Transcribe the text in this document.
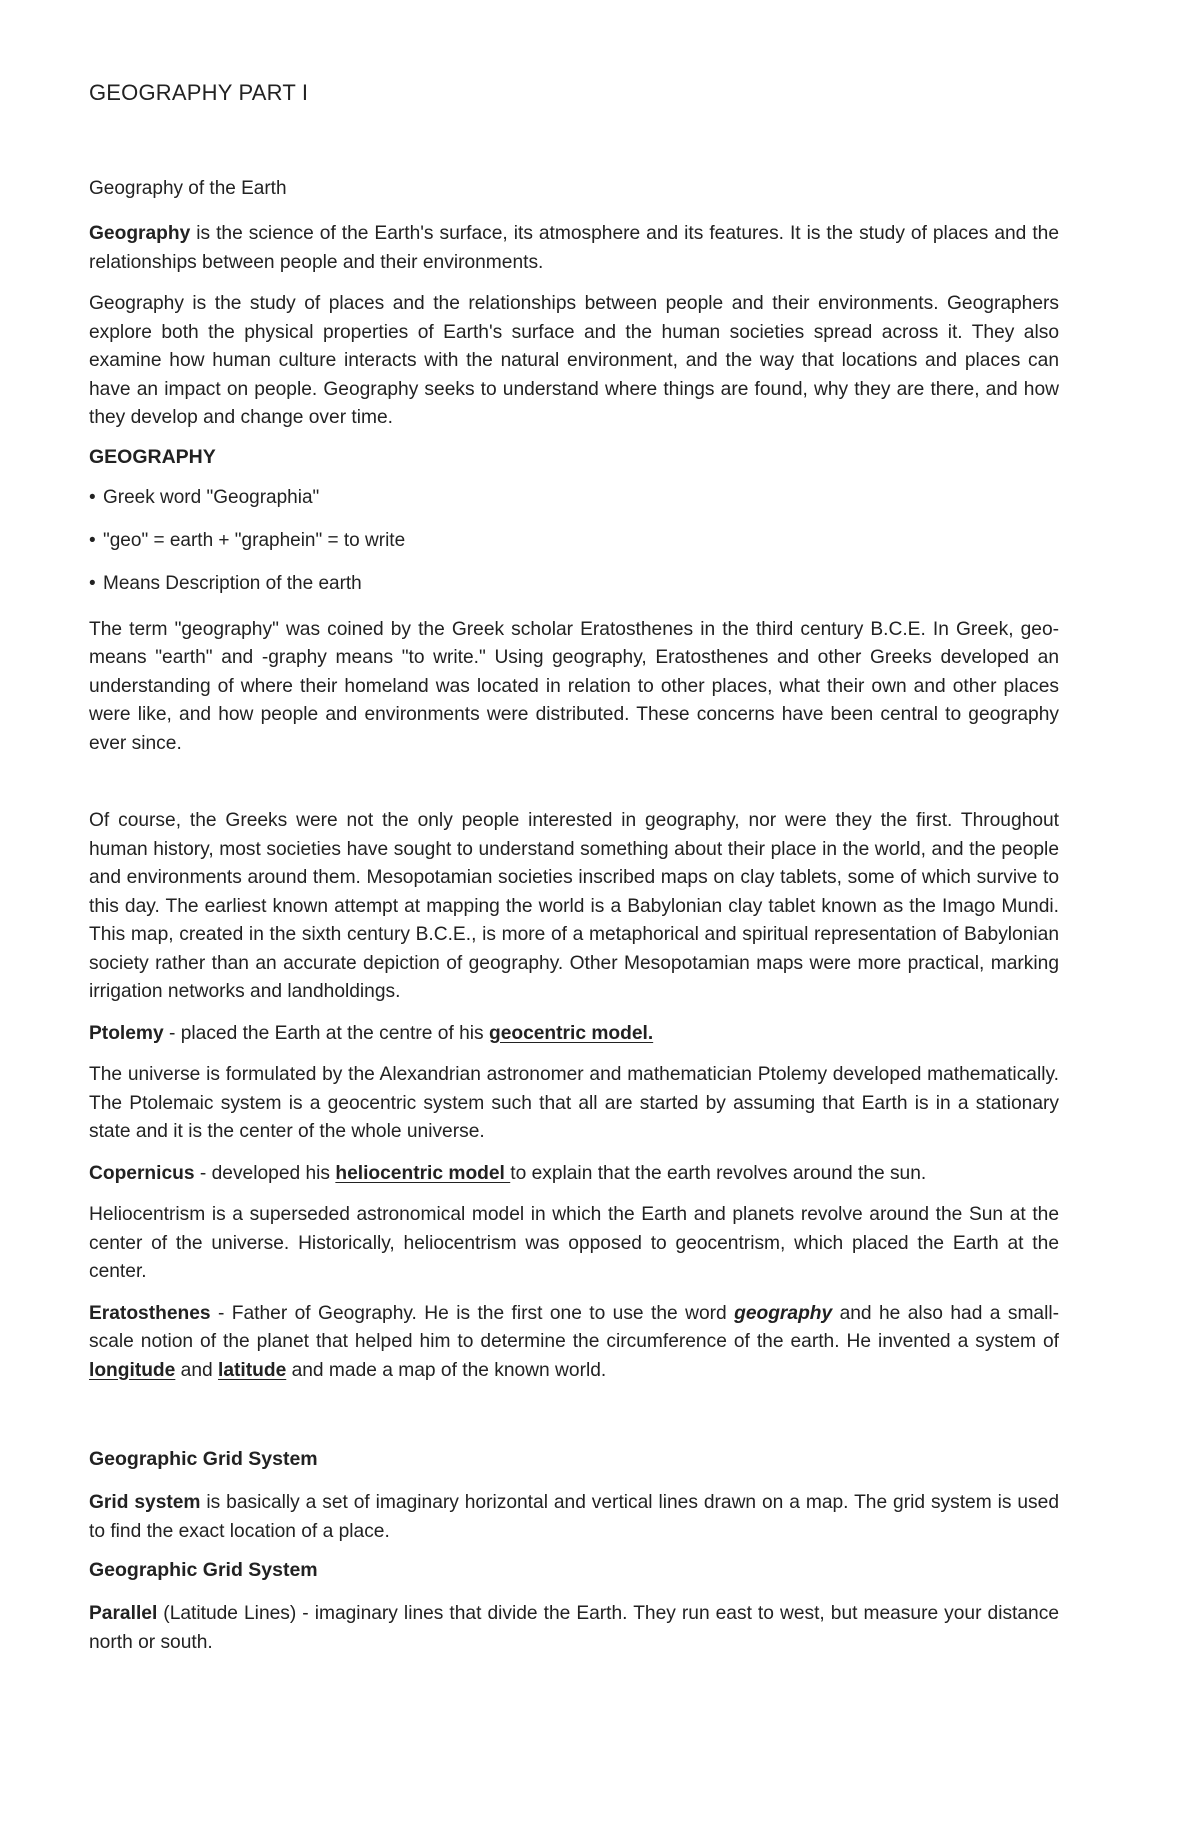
GEOGRAPHY PART I
Geography of the Earth

Geography is the science of the Earth's surface, its atmosphere and its features. It is the study of places and the relationships between people and their environments.

Geography is the study of places and the relationships between people and their environments. Geographers explore both the physical properties of Earth's surface and the human societies spread across it. They also examine how human culture interacts with the natural environment, and the way that locations and places can have an impact on people. Geography seeks to understand where things are found, why they are there, and how they develop and change over time.

GEOGRAPHY
• Greek word "Geographia"
• "geo" = earth + "graphein" = to write
• Means Description of the earth

The term "geography" was coined by the Greek scholar Eratosthenes in the third century B.C.E. In Greek, geo- means "earth" and -graphy means "to write." Using geography, Eratosthenes and other Greeks developed an understanding of where their homeland was located in relation to other places, what their own and other places were like, and how people and environments were distributed. These concerns have been central to geography ever since.

Of course, the Greeks were not the only people interested in geography, nor were they the first. Throughout human history, most societies have sought to understand something about their place in the world, and the people and environments around them. Mesopotamian societies inscribed maps on clay tablets, some of which survive to this day. The earliest known attempt at mapping the world is a Babylonian clay tablet known as the Imago Mundi. This map, created in the sixth century B.C.E., is more of a metaphorical and spiritual representation of Babylonian society rather than an accurate depiction of geography. Other Mesopotamian maps were more practical, marking irrigation networks and landholdings.

Ptolemy - placed the Earth at the centre of his geocentric model.

The universe is formulated by the Alexandrian astronomer and mathematician Ptolemy developed mathematically. The Ptolemaic system is a geocentric system such that all are started by assuming that Earth is in a stationary state and it is the center of the whole universe.

Copernicus - developed his heliocentric model to explain that the earth revolves around the sun.

Heliocentrism is a superseded astronomical model in which the Earth and planets revolve around the Sun at the center of the universe. Historically, heliocentrism was opposed to geocentrism, which placed the Earth at the center.

Eratosthenes - Father of Geography. He is the first one to use the word geography and he also had a small-scale notion of the planet that helped him to determine the circumference of the earth. He invented a system of longitude and latitude and made a map of the known world.

Geographic Grid System

Grid system is basically a set of imaginary horizontal and vertical lines drawn on a map. The grid system is used to find the exact location of a place.

Geographic Grid System

Parallel (Latitude Lines) - imaginary lines that divide the Earth. They run east to west, but measure your distance north or south.
